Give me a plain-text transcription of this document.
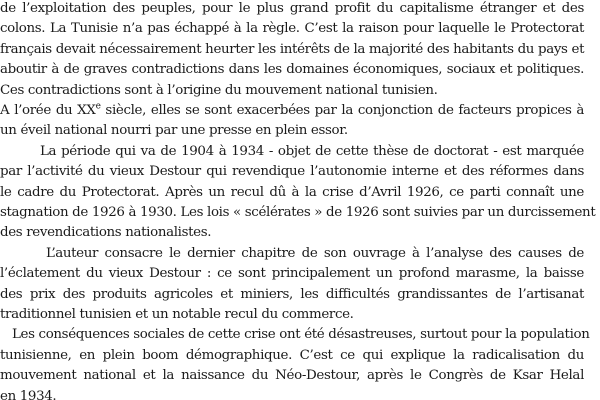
de l’exploitation des peuples, pour le plus grand profit du capitalisme étranger et des
colons. La Tunisie n’a pas échappé à la règle. C’est la raison pour laquelle le Protectorat
français devait nécessairement heurter les intérêts de la majorité des habitants du pays et
aboutir à de graves contradictions dans les domaines économiques, sociaux et politiques.
Ces contradictions sont à l’origine du mouvement national tunisien.
A l’orée du XXe siècle, elles se sont exacerbées par la conjonction de facteurs propices à
un éveil national nourri par une presse en plein essor.
La période qui va de 1904 à 1934 - objet de cette thèse de doctorat - est marquée
par l’activité du vieux Destour qui revendique l’autonomie interne et des réformes dans
le cadre du Protectorat. Après un recul dû à la crise d’Avril 1926, ce parti connaît une
stagnation de 1926 à 1930. Les lois « scélérates » de 1926 sont suivies par un durcissement
des revendications nationalistes.
L’auteur consacre le dernier chapitre de son ouvrage à l’analyse des causes de
l’éclatement du vieux Destour : ce sont principalement un profond marasme, la baisse
des prix des produits agricoles et miniers, les difficultés grandissantes de l’artisanat
traditionnel tunisien et un notable recul du commerce.
Les conséquences sociales de cette crise ont été désastreuses, surtout pour la population
tunisienne, en plein boom démographique. C’est ce qui explique la radicalisation du
mouvement national et la naissance du Néo-Destour, après le Congrès de Ksar Helal
en 1934.
